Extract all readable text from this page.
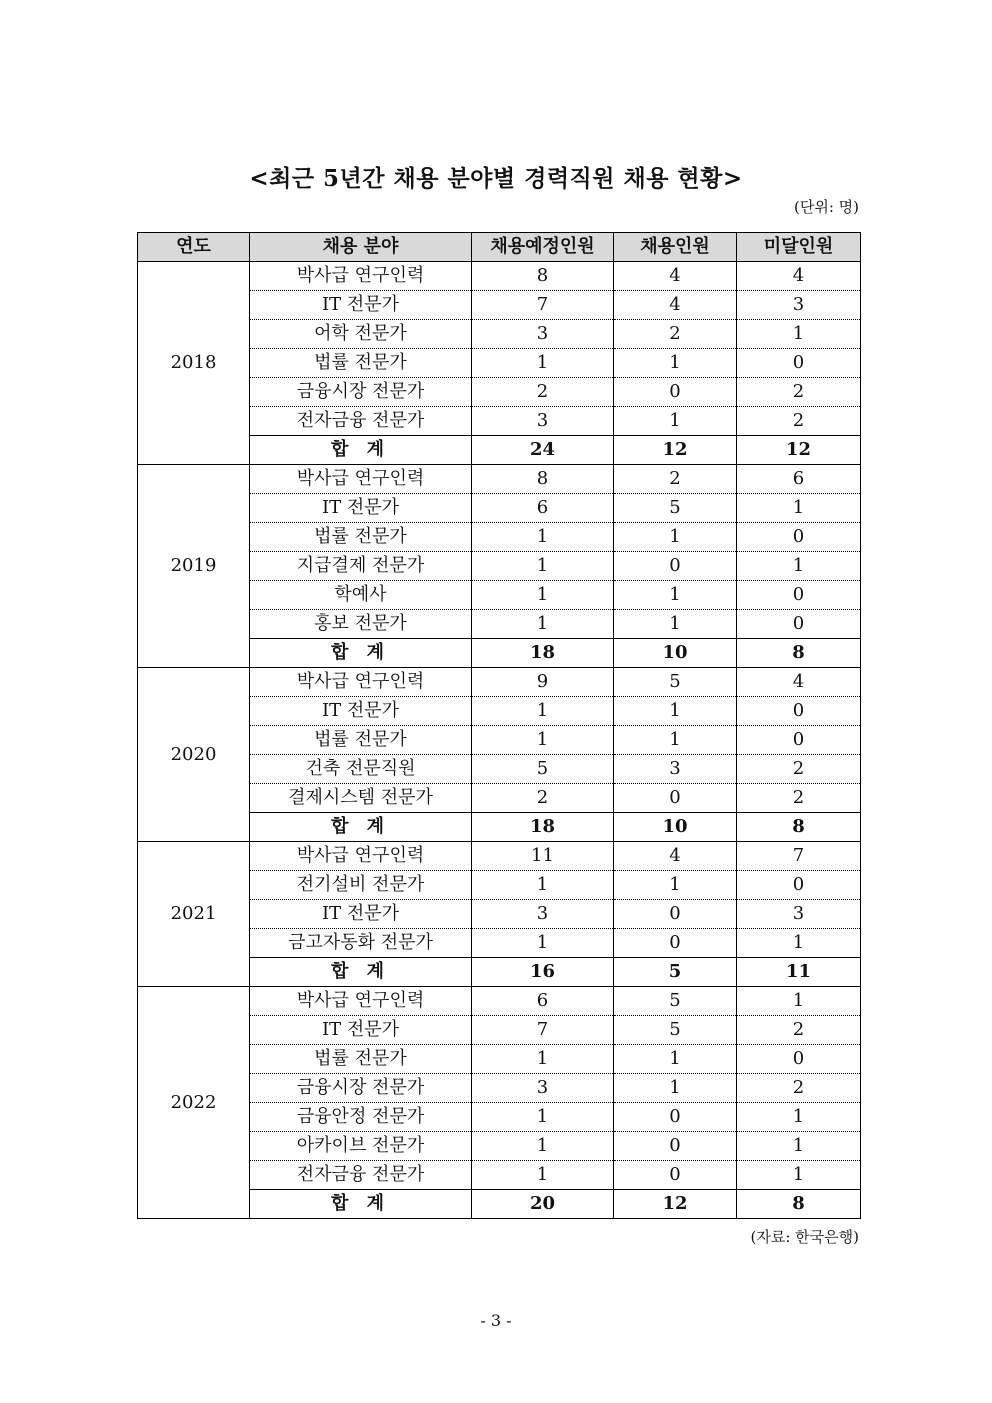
<최근 5년간 채용 분야별 경력직원 채용 현황>
(단위: 명)
연도	채용 분야	채용예정인원	채용인원	미달인원
2018	박사급 연구인력	8	4	4
	IT 전문가	7	4	3
	어학 전문가	3	2	1
	법률 전문가	1	1	0
	금융시장 전문가	2	0	2
	전자금융 전문가	3	1	2
	합 계	24	12	12
2019	박사급 연구인력	8	2	6
	IT 전문가	6	5	1
	법률 전문가	1	1	0
	지급결제 전문가	1	0	1
	학예사	1	1	0
	홍보 전문가	1	1	0
	합 계	18	10	8
2020	박사급 연구인력	9	5	4
	IT 전문가	1	1	0
	법률 전문가	1	1	0
	건축 전문직원	5	3	2
	결제시스템 전문가	2	0	2
	합 계	18	10	8
2021	박사급 연구인력	11	4	7
	전기설비 전문가	1	1	0
	IT 전문가	3	0	3
	금고자동화 전문가	1	0	1
	합 계	16	5	11
2022	박사급 연구인력	6	5	1
	IT 전문가	7	5	2
	법률 전문가	1	1	0
	금융시장 전문가	3	1	2
	금융안정 전문가	1	0	1
	아카이브 전문가	1	0	1
	전자금융 전문가	1	0	1
	합 계	20	12	8
(자료: 한국은행)
- 3 -
